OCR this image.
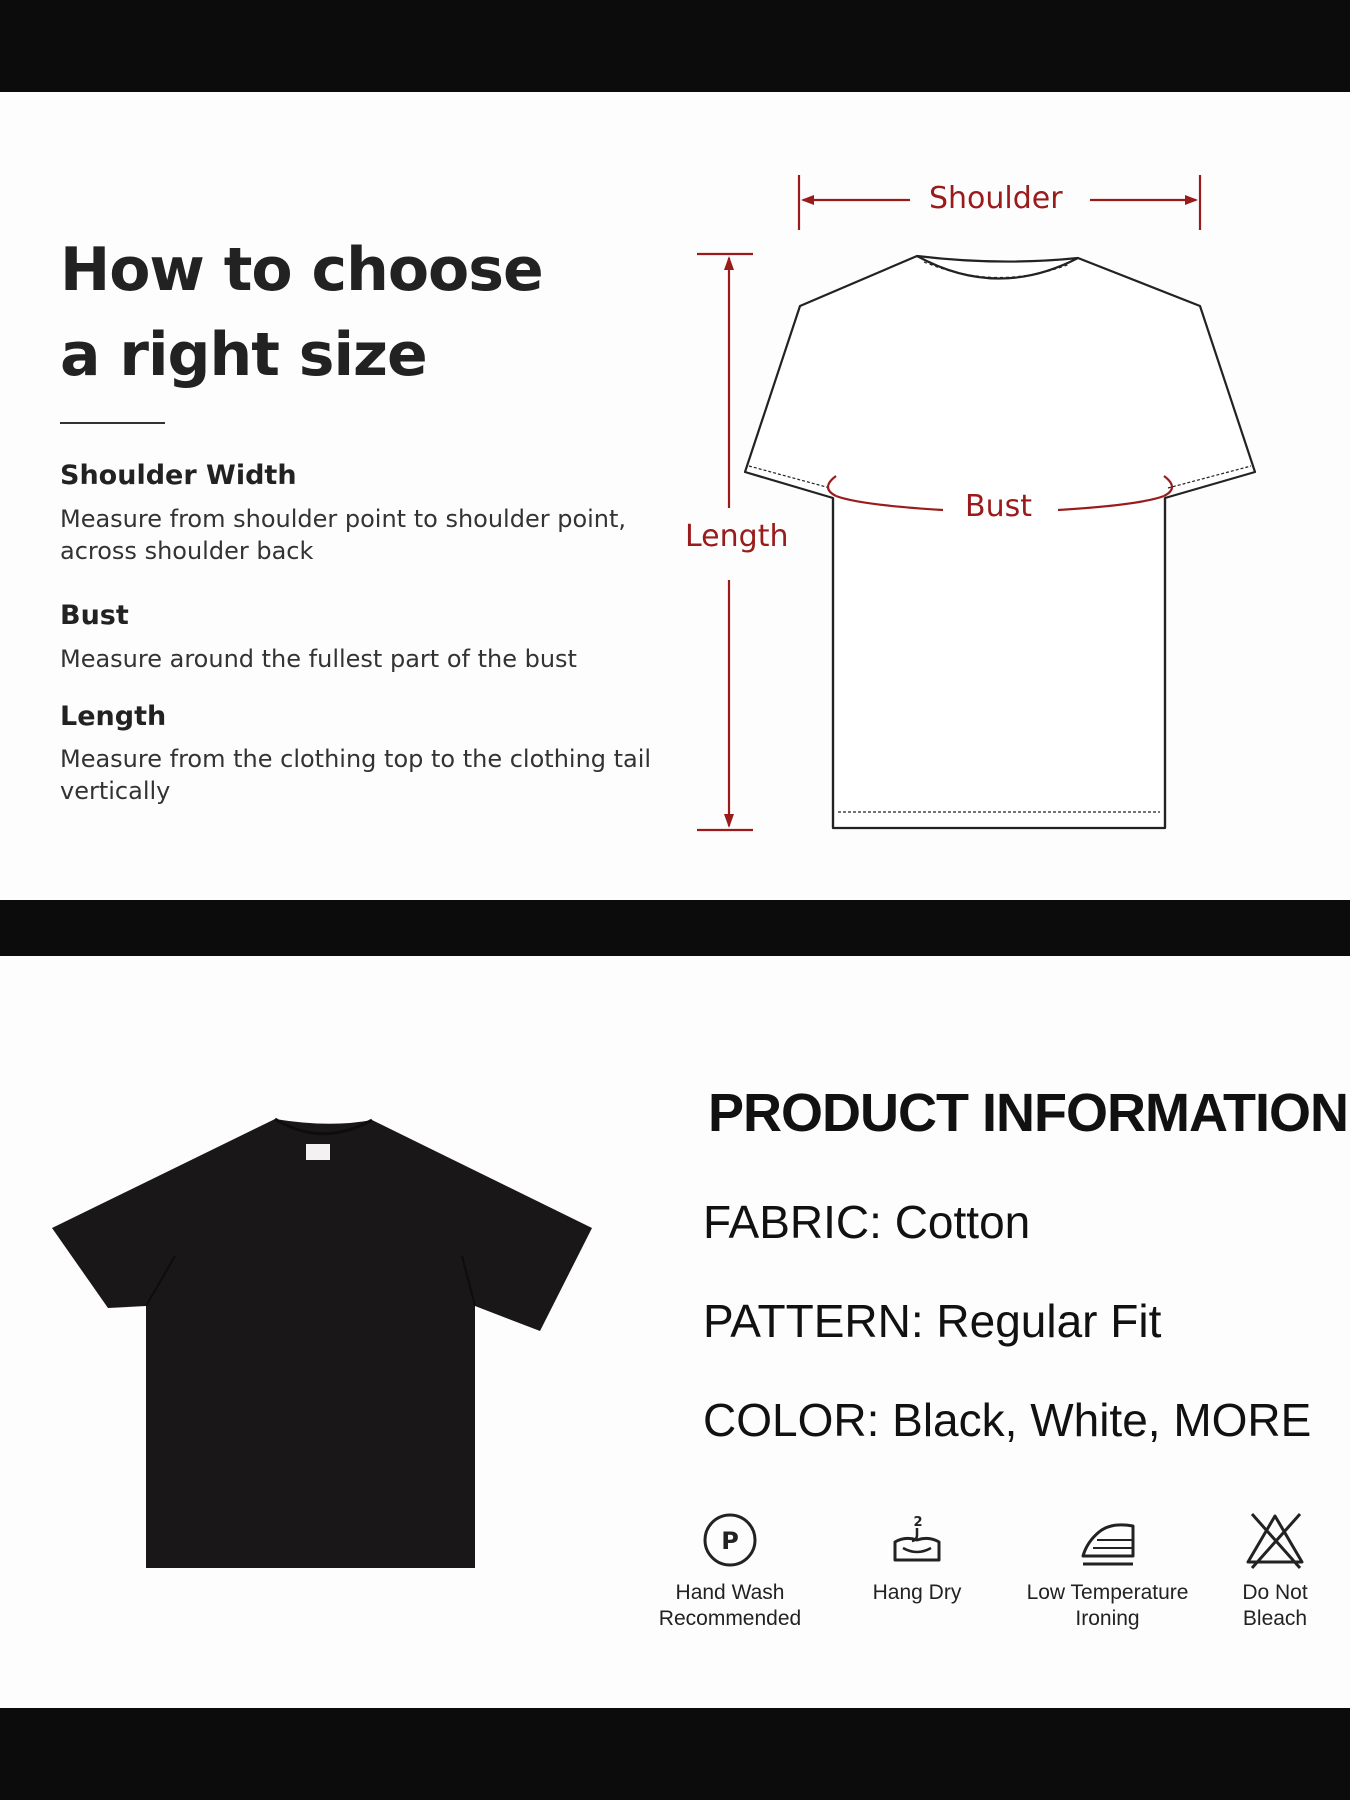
How to choose
a right size
Shoulder Width
Measure from shoulder point to shoulder point,
across shoulder back
Bust
Measure around the fullest part of the bust
Length
Measure from the clothing top to the clothing tail
vertically
Shoulder
Bust
Length
PRODUCT INFORMATION
FABRIC: Cotton
PATTERN: Regular Fit
COLOR: Black, White, MORE
P
Hand Wash
Recommended
2
Hang Dry	Low Temperature
Ironing
Do Not
Bleach
